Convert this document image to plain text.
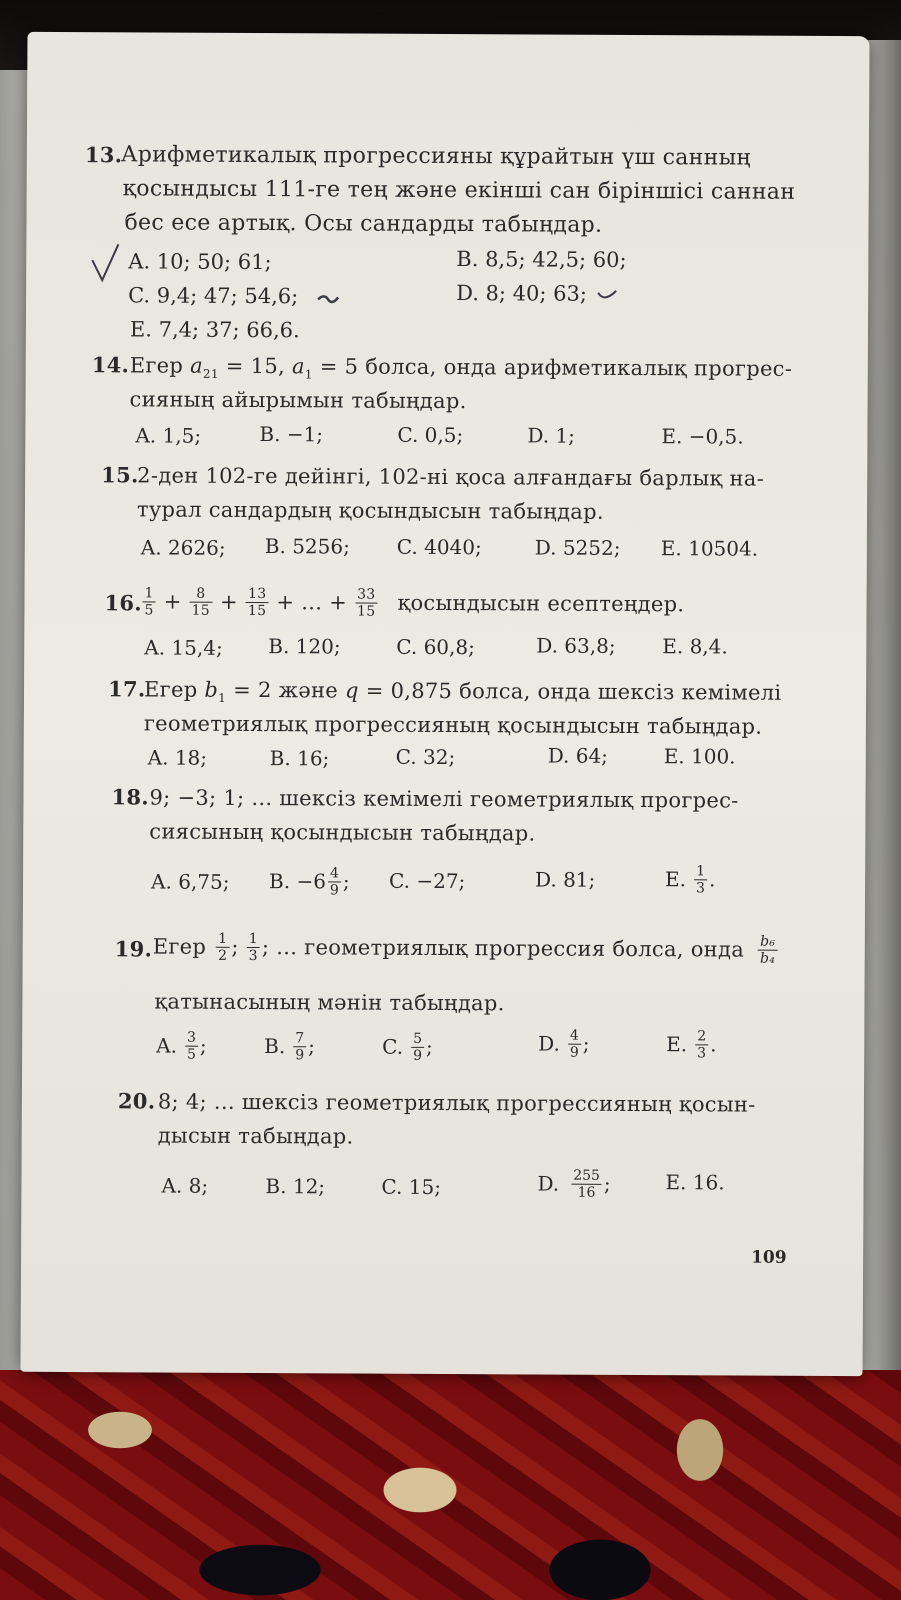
13.
Арифметикалық прогрессияны құрайтын үш санның
қосындысы 111-ге тең және екінші сан біріншісі саннан
бес есе артық. Осы сандарды табыңдар.
A. 10; 50; 61;	B. 8,5; 42,5; 60;
C. 9,4; 47; 54,6;	D. 8; 40; 63;
E. 7,4; 37; 66,6.
14. Егер $a_{21} = 15$, $a_1 = 5$ болса, онда арифметикалық прогрес-
сияның айырымын табыңдар.
A. 1,5;	B. −1;	C. 0,5;	D. 1;	E. −0,5.
15.
2-ден 102-ге дейінгі, 102-ні қоса алғандағы барлық на-
турал сандардың қосындысын табыңдар.
A. 2626; B. 5256; C. 4040;	D. 5252; E. 10504.
16. $\frac{1}{5} + \frac{8}{15} + \frac{13}{15}$ + ... + $\frac{33}{15}$ қосындысын есептеңдер.
A. 15,4; B. 120;	C. 60,8;	D. 63,8; E. 8,4.
17.
Егер $b_1 = 2$ және q = 0,875 болса, онда шексіз кемімелі
геометриялық прогрессияның қосындысын табыңдар.
A. 18;	B. 16;	C. 32;	D. 64;	E. 100.
18. 9; −3; 1; ... шексіз кемімелі геометриялық прогрес-
сиясының қосындысын табыңдар.
A. 6,75; B. $-6 \frac{4}{9}$ ; C. −27;	D. 81;	E. $\frac{1}{3}$ .
19. Егер $\frac{1}{2}$ ; $\frac{1}{3}$ ; ... геометриялық прогрессия болса, онда $\frac{\text{b₆}}{\text{b₄}}$
қатынасының мәнін табыңдар.
A. $\frac{3}{5}$ ;	B. $\frac{7}{9}$ ;	C. $\frac{5}{9}$ ;	D. $\frac{4}{9}$ ;	E. $\frac{2}{3}$ .
20. 8; 4; ... шексіз геометриялық прогрессияның қосын-
дысын табыңдар.
A. 8;	B. 12;	C. 15;	D. $\frac{255}{16}$ ;	E. 16.
109
